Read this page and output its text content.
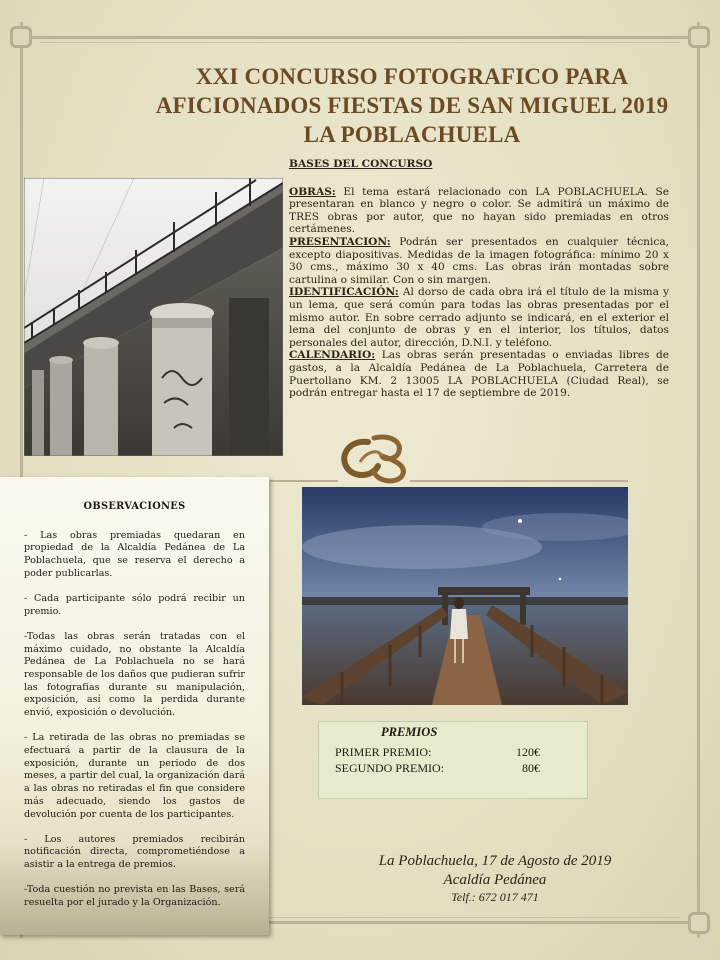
XXI CONCURSO FOTOGRAFICO PARA
AFICIONADOS FIESTAS DE SAN MIGUEL 2019
LA POBLACHUELA

BASES DEL CONCURSO

OBRAS: El tema estará relacionado con LA POBLACHUELA. Se presentaran en blanco y negro o color. Se admitirá un máximo de TRES obras por autor, que no hayan sido premiadas en otros certámenes.

PRESENTACION: Podrán ser presentados en cualquier técnica, excepto diapositivas. Medidas de la imagen fotográfica: mínimo 20 x 30 cms., máximo 30 x 40 cms. Las obras irán montadas sobre cartulina o similar. Con o sin margen.

IDENTIFICACIÓN: Al dorso de cada obra irá el título de la misma y un lema, que será común para todas las obras presentadas por el mismo autor. En sobre cerrado adjunto se indicará, en el exterior el lema del conjunto de obras y en el interior, los títulos, datos personales del autor, dirección, D.N.I. y teléfono.

CALENDARIO: Las obras serán presentadas o enviadas libres de gastos, a la Alcaldía Pedánea de La Poblachuela, Carretera de Puertollano KM. 2 13005 LA POBLACHUELA (Ciudad Real), se podrán entregar hasta el 17 de septiembre de 2019.

OBSERVACIONES

- Las obras premiadas quedaran en propiedad de la Alcaldía Pedánea de La Poblachuela, que se reserva el derecho a poder publicarlas.

- Cada participante sólo podrá recibir un premio.

-Todas las obras serán tratadas con el máximo cuidado, no obstante la Alcaldía Pedánea de La Poblachuela no se hará responsable de los daños que pudieran sufrir las fotografías durante su manipulación, exposición, así como la perdida durante envió, exposición o devolución.

- La retirada de las obras no premiadas se efectuará a partir de la clausura de la exposición, durante un periodo de dos meses, a partir del cual, la organización dará a las obras no retiradas el fin que considere más adecuado, siendo los gastos de devolución por cuenta de los participantes.

- Los autores premiados recibirán notificación directa, comprometiéndose a asistir a la entrega de premios.

-Toda cuestión no prevista en las Bases, será resuelta por el jurado y la Organización.

PREMIOS
PRIMER PREMIO:	120€
SEGUNDO PREMIO:	80€
La Poblachuela, 17 de Agosto de 2019
Acaldía Pedánea
Telf.: 672 017 471
